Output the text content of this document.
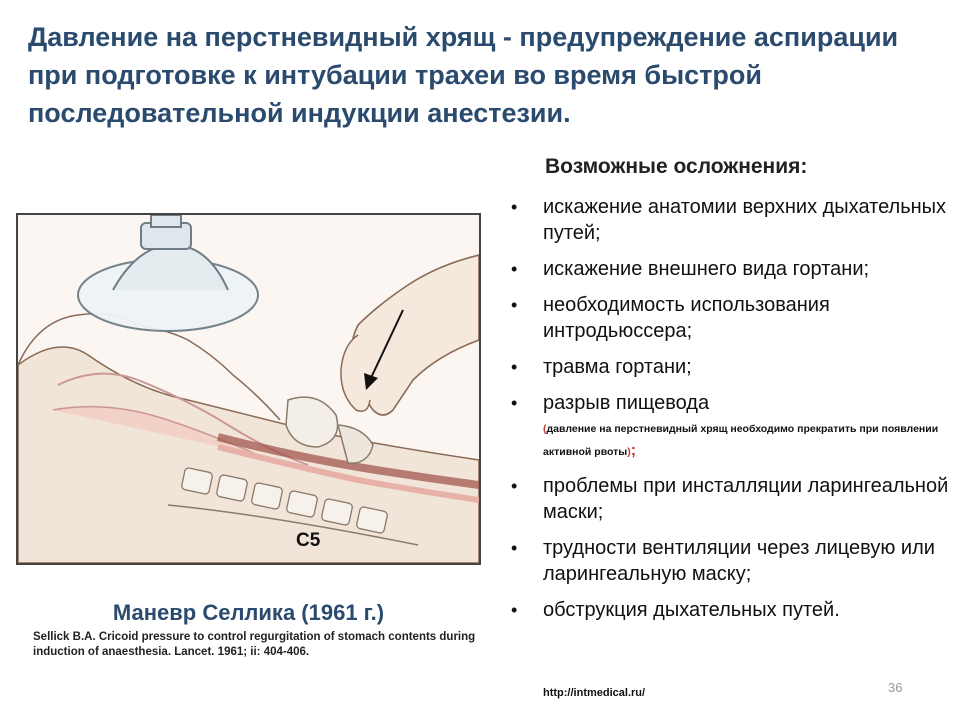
Давление на перстневидный хрящ - предупреждение аспирации при подготовке к интубации трахеи во время быстрой последовательной индукции анестезии.
C5
Маневр Селлика (1961 г.)
Sellick B.A. Cricoid pressure to control regurgitation of stomach contents during induction of anaesthesia. Lancet. 1961; ii: 404-406.
Возможные осложнения:
• искажение анатомии верхних дыхательных путей;
• искажение внешнего вида гортани;
• необходимость использования интродьюссера;
• травма гортани;
• разрыв пищевода
(давление на перстневидный хрящ необходимо прекратить при появлении активной рвоты);
• проблемы при инсталляции ларингеальной маски;
• трудности вентиляции через лицевую или ларингеальную маску;
• обструкция дыхательных путей.
http://intmedical.ru/	36
